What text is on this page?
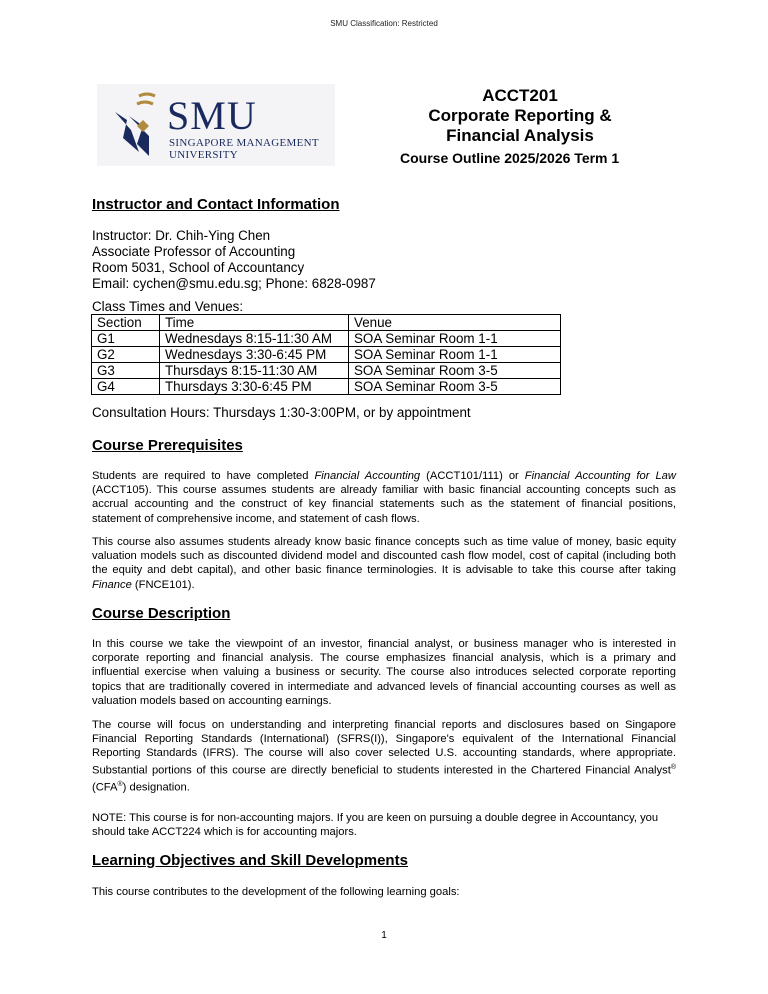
SMU Classification: Restricted
SMU
SINGAPORE MANAGEMENT
UNIVERSITY
ACCT201
Corporate Reporting &
Financial Analysis
Course Outline 2025/2026 Term 1
Instructor and Contact Information
Instructor: Dr. Chih-Ying Chen
Associate Professor of Accounting
Room 5031, School of Accountancy
Email: cychen@smu.edu.sg; Phone: 6828-0987
Class Times and Venues:
Section	Time	Venue
G1	Wednesdays 8:15-11:30 AM	SOA Seminar Room 1-1
G2	Wednesdays 3:30-6:45 PM	SOA Seminar Room 1-1
G3	Thursdays 8:15-11:30 AM	SOA Seminar Room 3-5
G4	Thursdays 3:30-6:45 PM	SOA Seminar Room 3-5
Consultation Hours: Thursdays 1:30-3:00PM, or by appointment
Course Prerequisites

Students are required to have completed Financial Accounting (ACCT101/111) or Financial Accounting for Law (ACCT105). This course assumes students are already familiar with basic financial accounting concepts such as accrual accounting and the construct of key financial statements such as the statement of financial positions, statement of comprehensive income, and statement of cash flows.

This course also assumes students already know basic finance concepts such as time value of money, basic equity valuation models such as discounted dividend model and discounted cash flow model, cost of capital (including both the equity and debt capital), and other basic finance terminologies. It is advisable to take this course after taking Finance (FNCE101).

Course Description

In this course we take the viewpoint of an investor, financial analyst, or business manager who is interested in corporate reporting and financial analysis. The course emphasizes financial analysis, which is a primary and influential exercise when valuing a business or security. The course also introduces selected corporate reporting topics that are traditionally covered in intermediate and advanced levels of financial accounting courses as well as valuation models based on accounting earnings.

The course will focus on understanding and interpreting financial reports and disclosures based on Singapore Financial Reporting Standards (International) (SFRS(I)), Singapore's equivalent of the International Financial Reporting Standards (IFRS). The course will also cover selected U.S. accounting standards, where appropriate. Substantial portions of this course are directly beneficial to students interested in the Chartered Financial Analyst® (CFA®) designation.

NOTE: This course is for non-accounting majors. If you are keen on pursuing a double degree in Accountancy, you should take ACCT224 which is for accounting majors.

Learning Objectives and Skill Developments

This course contributes to the development of the following learning goals:

1
